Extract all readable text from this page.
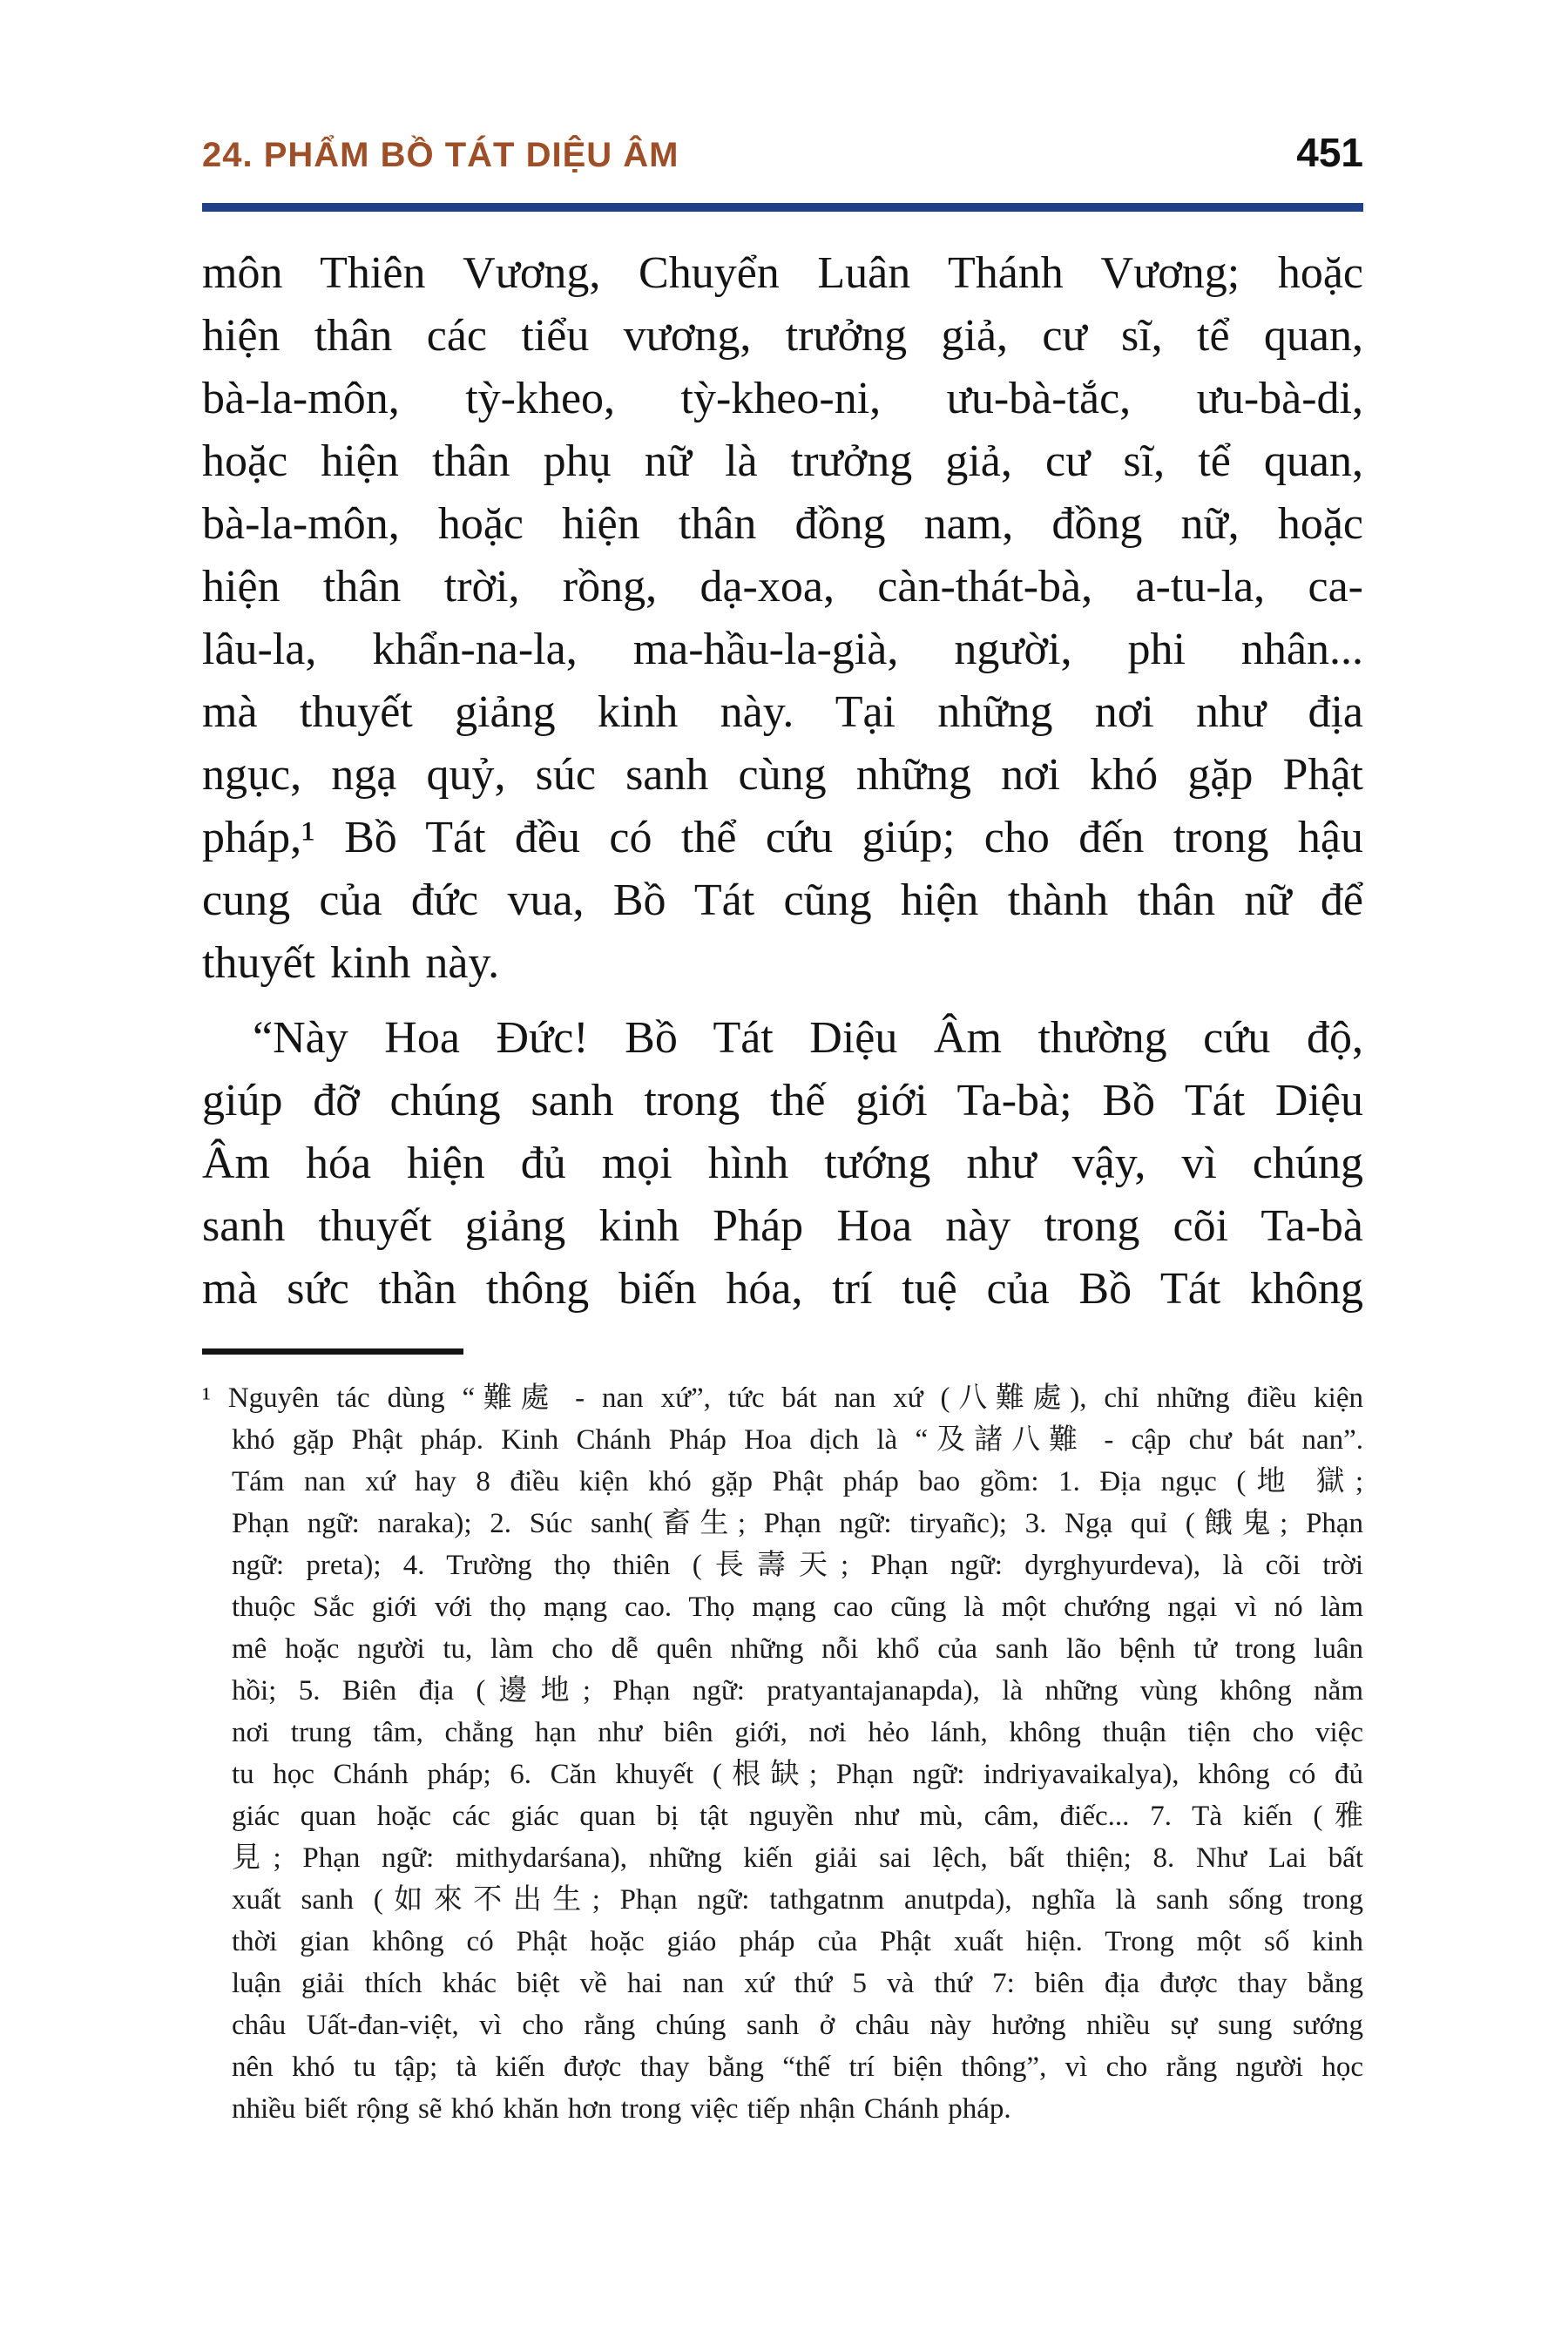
24. PHẨM BỒ TÁT DIỆU ÂM	451
môn Thiên Vương, Chuyển Luân Thánh Vương; hoặc
hiện thân các tiểu vương, trưởng giả, cư sĩ, tể quan,
bà-la-môn, tỳ-kheo, tỳ-kheo-ni, ưu-bà-tắc, ưu-bà-di,
hoặc hiện thân phụ nữ là trưởng giả, cư sĩ, tể quan,
bà-la-môn, hoặc hiện thân đồng nam, đồng nữ, hoặc
hiện thân trời, rồng, dạ-xoa, càn-thát-bà, a-tu-la, ca-
lâu-la, khẩn-na-la, ma-hầu-la-già, người, phi nhân...
mà thuyết giảng kinh này. Tại những nơi như địa
ngục, ngạ quỷ, súc sanh cùng những nơi khó gặp Phật
pháp,¹ Bồ Tát đều có thể cứu giúp; cho đến trong hậu
cung của đức vua, Bồ Tát cũng hiện thành thân nữ để
thuyết kinh này.
“Này Hoa Đức! Bồ Tát Diệu Âm thường cứu độ,
giúp đỡ chúng sanh trong thế giới Ta-bà; Bồ Tát Diệu
Âm hóa hiện đủ mọi hình tướng như vậy, vì chúng
sanh thuyết giảng kinh Pháp Hoa này trong cõi Ta-bà
mà sức thần thông biến hóa, trí tuệ của Bồ Tát không
¹ Nguyên tác dùng “難處 - nan xứ”, tức bát nan xứ (八難處), chỉ những điều kiện
khó gặp Phật pháp. Kinh Chánh Pháp Hoa dịch là “及諸八難 - cập chư bát nan”.
Tám nan xứ hay 8 điều kiện khó gặp Phật pháp bao gồm: 1. Địa ngục (地 獄;
Phạn ngữ: naraka); 2. Súc sanh(畜生; Phạn ngữ: tiryañc); 3. Ngạ quỉ (餓鬼; Phạn
ngữ: preta); 4. Trường thọ thiên (長壽天; Phạn ngữ: dyrghyurdeva), là cõi trời
thuộc Sắc giới với thọ mạng cao. Thọ mạng cao cũng là một chướng ngại vì nó làm
mê hoặc người tu, làm cho dễ quên những nỗi khổ của sanh lão bệnh tử trong luân
hồi; 5. Biên địa (邊地; Phạn ngữ: pratyantajanapda), là những vùng không nằm
nơi trung tâm, chẳng hạn như biên giới, nơi hẻo lánh, không thuận tiện cho việc
tu học Chánh pháp; 6. Căn khuyết (根缺; Phạn ngữ: indriyavaikalya), không có đủ
giác quan hoặc các giác quan bị tật nguyền như mù, câm, điếc... 7. Tà kiến (雅
見; Phạn ngữ: mithydarśana), những kiến giải sai lệch, bất thiện; 8. Như Lai bất
xuất sanh (如來不出生; Phạn ngữ: tathgatnm anutpda), nghĩa là sanh sống trong
thời gian không có Phật hoặc giáo pháp của Phật xuất hiện. Trong một số kinh
luận giải thích khác biệt về hai nan xứ thứ 5 và thứ 7: biên địa được thay bằng
châu Uất-đan-việt, vì cho rằng chúng sanh ở châu này hưởng nhiều sự sung sướng
nên khó tu tập; tà kiến được thay bằng “thế trí biện thông”, vì cho rằng người học
nhiều biết rộng sẽ khó khăn hơn trong việc tiếp nhận Chánh pháp.
